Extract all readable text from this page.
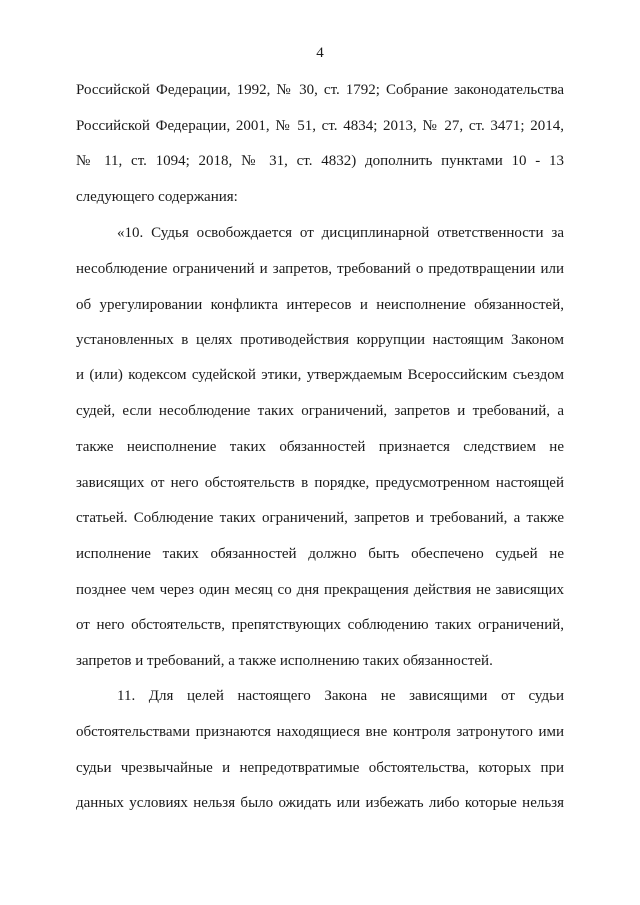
4
Российской Федерации, 1992, № 30, ст. 1792; Собрание законодательства
Российской Федерации, 2001, № 51, ст. 4834; 2013, № 27, ст. 3471; 2014,
№ 11, ст. 1094; 2018, № 31, ст. 4832) дополнить пунктами 10 - 13
следующего содержания:
«10. Судья освобождается от дисциплинарной ответственности за
несоблюдение ограничений и запретов, требований о предотвращении или
об урегулировании конфликта интересов и неисполнение обязанностей,
установленных в целях противодействия коррупции настоящим Законом
и (или) кодексом судейской этики, утверждаемым Всероссийским съездом
судей, если несоблюдение таких ограничений, запретов и требований, а
также неисполнение таких обязанностей признается следствием не
зависящих от него обстоятельств в порядке, предусмотренном настоящей
статьей. Соблюдение таких ограничений, запретов и требований, а также
исполнение таких обязанностей должно быть обеспечено судьей не
позднее чем через один месяц со дня прекращения действия не зависящих
от него обстоятельств, препятствующих соблюдению таких ограничений,
запретов и требований, а также исполнению таких обязанностей.
11. Для целей настоящего Закона не зависящими от судьи
обстоятельствами признаются находящиеся вне контроля затронутого ими
судьи чрезвычайные и непредотвратимые обстоятельства, которых при
данных условиях нельзя было ожидать или избежать либо которые нельзя
